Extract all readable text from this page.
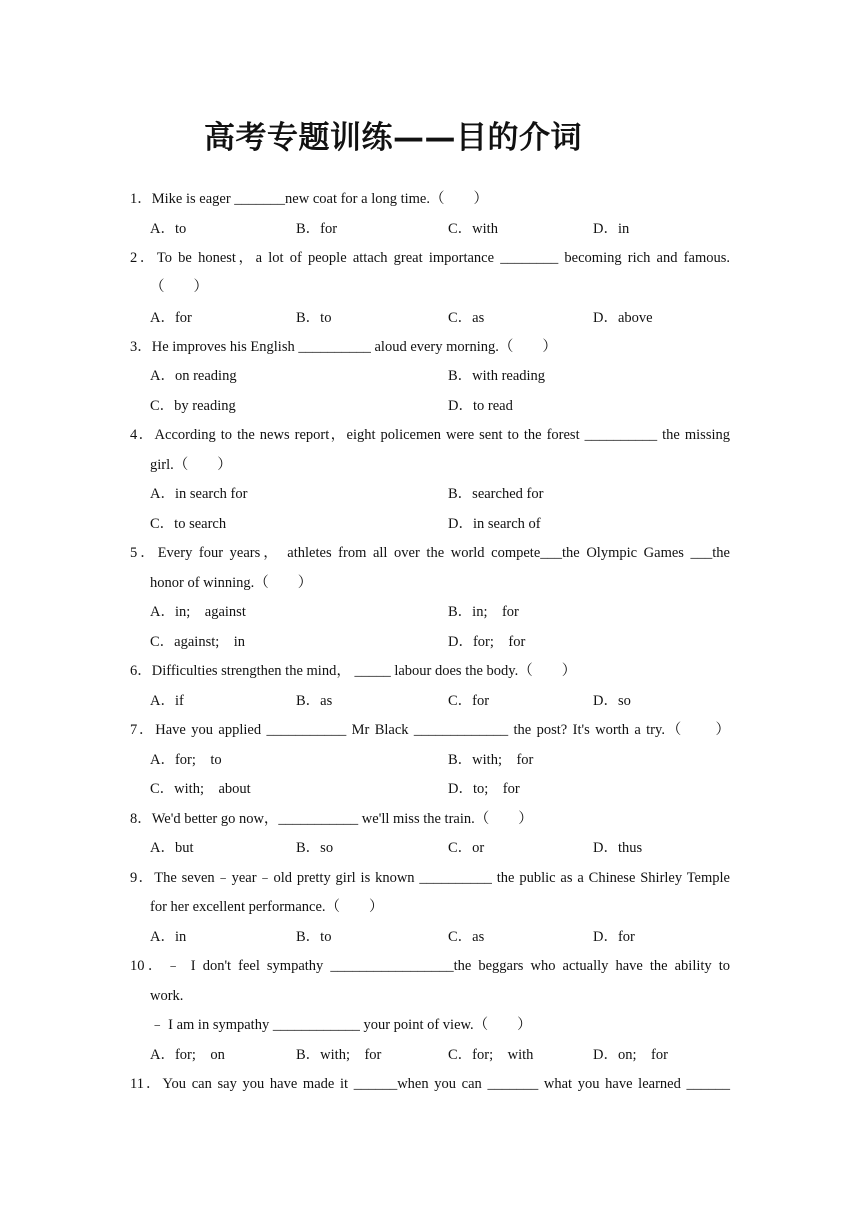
高考专题训练——目的介词
1．Mike is eager _______new coat for a long time.（　　）
A．to	B．for	C．with	D．in
2．To be honest，a lot of people attach great importance ________ becoming rich and famous.
（　　）
A．for	B．to	C．as	D．above
3．He improves his English __________ aloud every morning.（　　）
A．on reading	B．with reading
C．by reading	D．to read
4．According to the news report，eight policemen were sent to the forest __________ the missing
girl.（　　）
A．in search for	B．searched for
C．to search	D．in search of
5．Every four years， athletes from all over the world compete___the Olympic Games ___the
honor of winning.（　　）
A．in;　against	B．in;　for
C．against;　in	D．for;　for
6．Difficulties strengthen the mind， _____ labour does the body.（　　）
A．if	B．as	C．for	D．so
7．Have you applied ___________ Mr Black _____________ the post? It's worth a try.（　　）
A．for;　to	B．with;　for
C．with;　about	D．to;　for
8．We'd better go now，___________ we'll miss the train.（　　）
A．but	B．so	C．or	D．thus
9．The seven﹣year﹣old pretty girl is known __________ the public as a Chinese Shirley Temple
for her excellent performance.（　　）
A．in	B．to	C．as	D．for
10．﹣ I don't feel sympathy _________________the beggars who actually have the ability to
work.
﹣ I am in sympathy ____________ your point of view.（　　）
A．for;　on	B．with;　for	C．for;　with	D．on;　for
11．You can say you have made it ______when you can _______ what you have learned ______
